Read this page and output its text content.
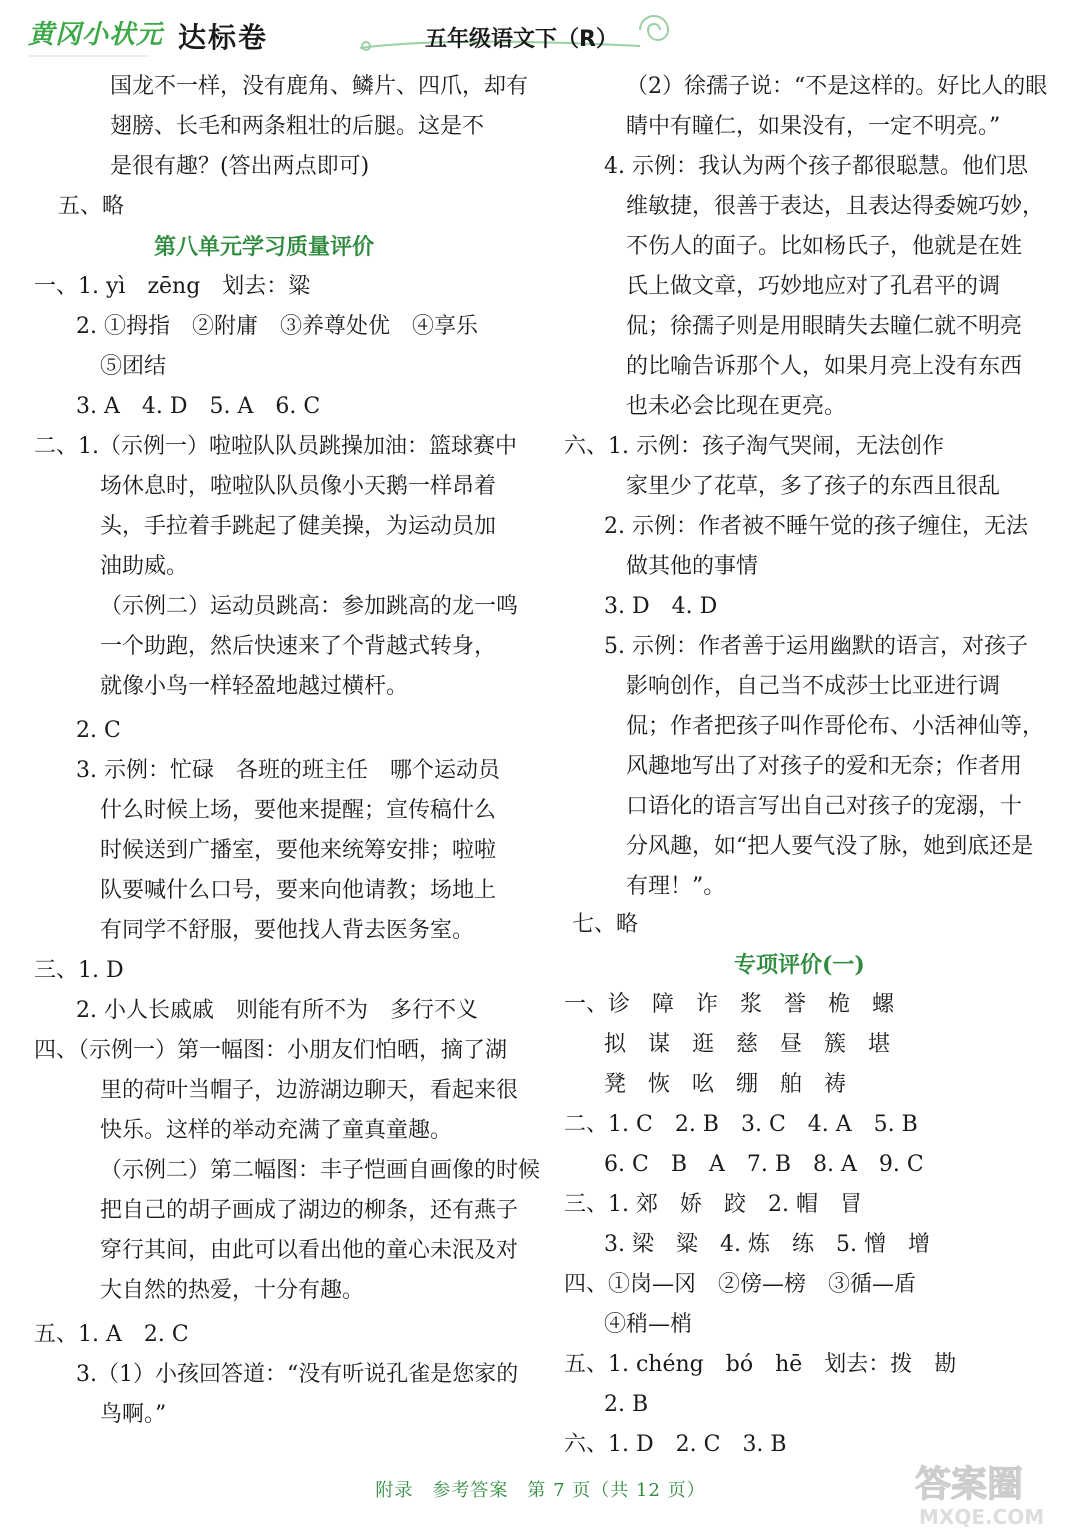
黄冈小状元 达标卷	五年级语文下（R）
国龙不一样，没有鹿角、鳞片、四爪，却有
翅膀、长毛和两条粗壮的后腿。这是不
是很有趣？(答出两点即可)
五、略
第八单元学习质量评价
一、1. yì　zēng　划去：粱
2. ①拇指　②附庸　③养尊处优　④享乐
⑤团结
3. A　4. D　5. A　6. C
二、1.（示例一）啦啦队队员跳操加油：篮球赛中
场休息时，啦啦队队员像小天鹅一样昂着
头，手拉着手跳起了健美操，为运动员加
油助威。
（示例二）运动员跳高：参加跳高的龙一鸣
一个助跑，然后快速来了个背越式转身，
就像小鸟一样轻盈地越过横杆。
2. C
3. 示例：忙碌　各班的班主任　哪个运动员
什么时候上场，要他来提醒；宣传稿什么
时候送到广播室，要他来统筹安排；啦啦
队要喊什么口号，要来向他请教；场地上
有同学不舒服，要他找人背去医务室。
三、1. D
2. 小人长戚戚　则能有所不为　多行不义
四、（示例一）第一幅图：小朋友们怕晒，摘了湖
里的荷叶当帽子，边游湖边聊天，看起来很
快乐。这样的举动充满了童真童趣。
（示例二）第二幅图：丰子恺画自画像的时候
把自己的胡子画成了湖边的柳条，还有燕子
穿行其间，由此可以看出他的童心未泯及对
大自然的热爱，十分有趣。
五、1. A　2. C
3.（1）小孩回答道：“没有听说孔雀是您家的
鸟啊。”
（2）徐孺子说：“不是这样的。好比人的眼
睛中有瞳仁，如果没有，一定不明亮。”
4. 示例：我认为两个孩子都很聪慧。他们思
维敏捷，很善于表达，且表达得委婉巧妙，
不伤人的面子。比如杨氏子，他就是在姓
氏上做文章，巧妙地应对了孔君平的调
侃；徐孺子则是用眼睛失去瞳仁就不明亮
的比喻告诉那个人，如果月亮上没有东西
也未必会比现在更亮。
六、1. 示例：孩子淘气哭闹，无法创作
家里少了花草，多了孩子的东西且很乱
2. 示例：作者被不睡午觉的孩子缠住，无法
做其他的事情
3. D　4. D
5. 示例：作者善于运用幽默的语言，对孩子
影响创作，自己当不成莎士比亚进行调
侃；作者把孩子叫作哥伦布、小活神仙等，
风趣地写出了对孩子的爱和无奈；作者用
口语化的语言写出自己对孩子的宠溺，十
分风趣，如“把人要气没了脉，她到底还是
有理！”。
七、略
专项评价(一)
一、诊　障　诈　浆　誉　桅　螺
拟　谋　逛　慈　昼　簇　堪
凳　恢　吆　绷　舶　祷
二、1. C　2. B　3. C　4. A　5. B
6. C　B　A　7. B　8. A　9. C
三、1. 郊　娇　跤　2. 帽　冒
3. 梁　粱　4. 炼　练　5. 憎　增
四、①岗—冈　②傍—榜　③循—盾
④稍—梢
五、1. chéng　bó　hē　划去：拨　勘
2. B
六、1. D　2. C　3. B
附录　参考答案　第 7 页（共 12 页）	答案圈
MXQE.COM
